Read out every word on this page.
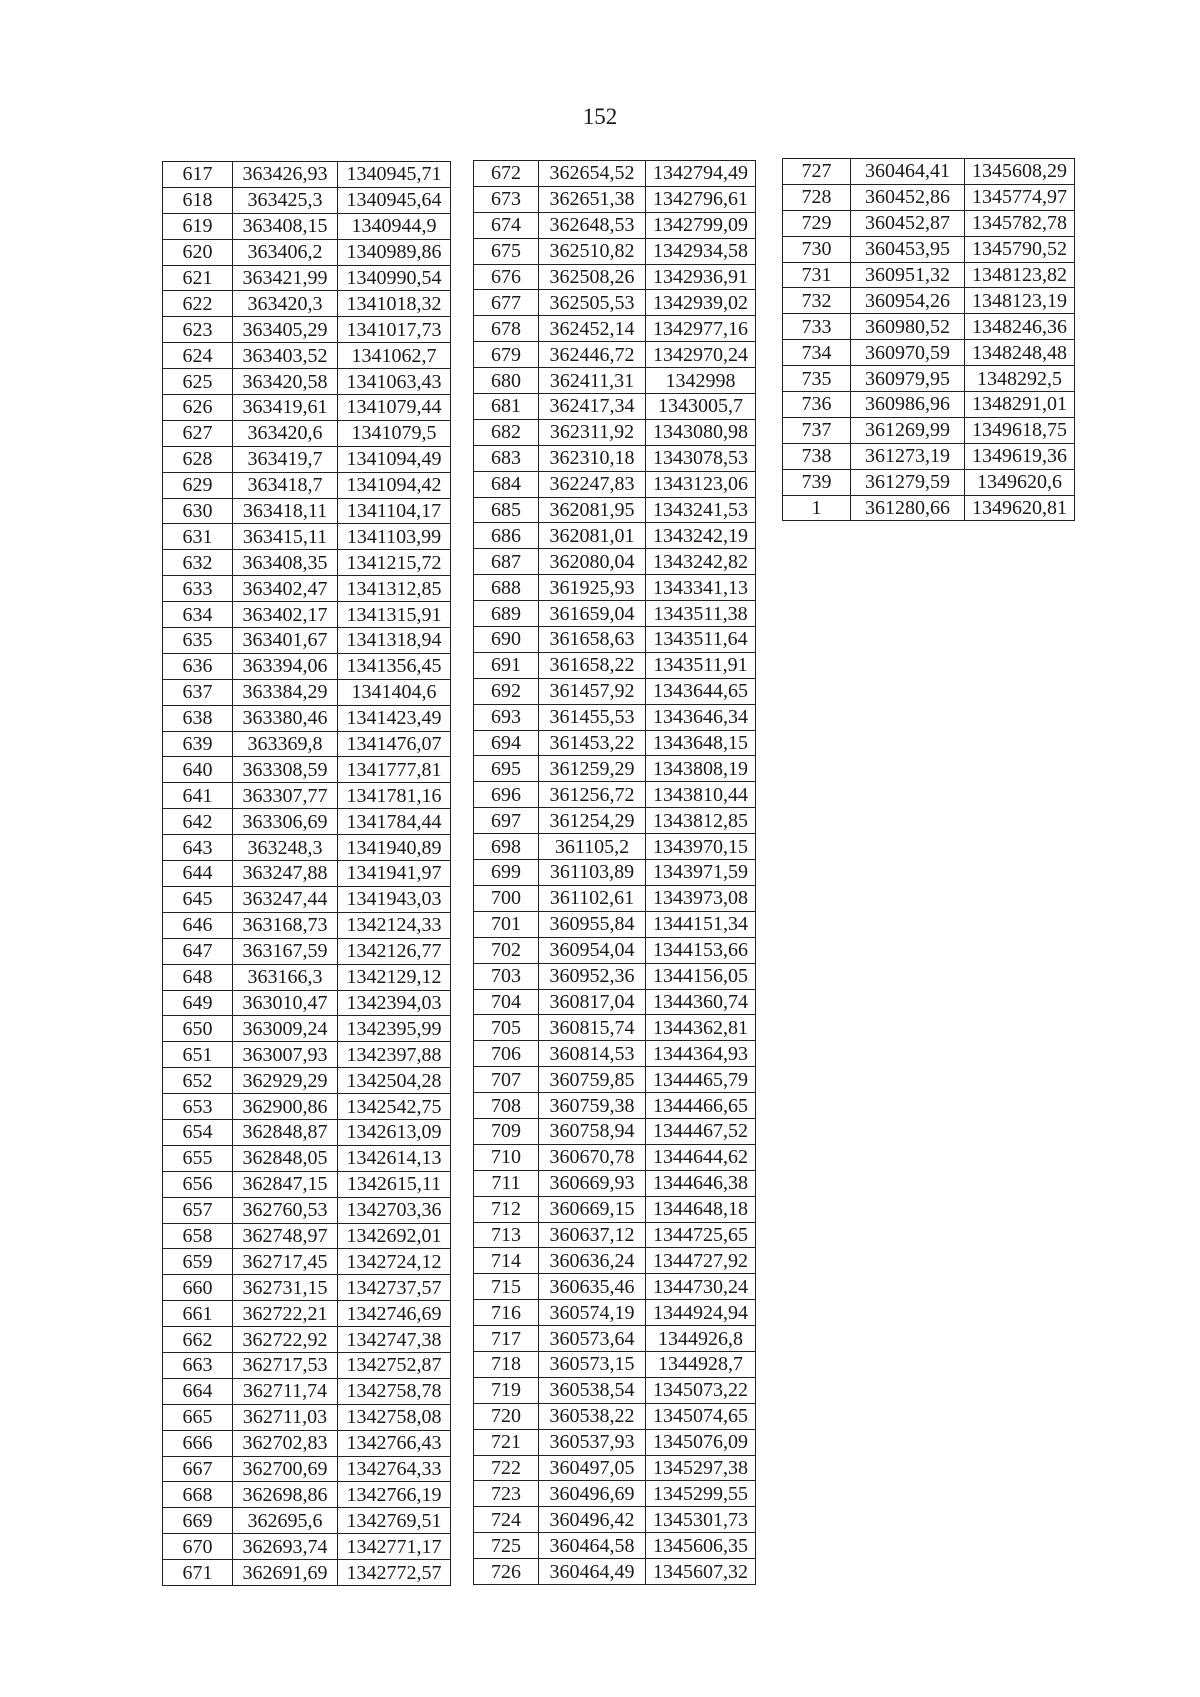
152
617	363426,93	1340945,71
618	363425,3	1340945,64
619	363408,15	1340944,9
620	363406,2	1340989,86
621	363421,99	1340990,54
622	363420,3	1341018,32
623	363405,29	1341017,73
624	363403,52	1341062,7
625	363420,58	1341063,43
626	363419,61	1341079,44
627	363420,6	1341079,5
628	363419,7	1341094,49
629	363418,7	1341094,42
630	363418,11	1341104,17
631	363415,11	1341103,99
632	363408,35	1341215,72
633	363402,47	1341312,85
634	363402,17	1341315,91
635	363401,67	1341318,94
636	363394,06	1341356,45
637	363384,29	1341404,6
638	363380,46	1341423,49
639	363369,8	1341476,07
640	363308,59	1341777,81
641	363307,77	1341781,16
642	363306,69	1341784,44
643	363248,3	1341940,89
644	363247,88	1341941,97
645	363247,44	1341943,03
646	363168,73	1342124,33
647	363167,59	1342126,77
648	363166,3	1342129,12
649	363010,47	1342394,03
650	363009,24	1342395,99
651	363007,93	1342397,88
652	362929,29	1342504,28
653	362900,86	1342542,75
654	362848,87	1342613,09
655	362848,05	1342614,13
656	362847,15	1342615,11
657	362760,53	1342703,36
658	362748,97	1342692,01
659	362717,45	1342724,12
660	362731,15	1342737,57
661	362722,21	1342746,69
662	362722,92	1342747,38
663	362717,53	1342752,87
664	362711,74	1342758,78
665	362711,03	1342758,08
666	362702,83	1342766,43
667	362700,69	1342764,33
668	362698,86	1342766,19
669	362695,6	1342769,51
670	362693,74	1342771,17
671	362691,69	1342772,57
672	362654,52	1342794,49
673	362651,38	1342796,61
674	362648,53	1342799,09
675	362510,82	1342934,58
676	362508,26	1342936,91
677	362505,53	1342939,02
678	362452,14	1342977,16
679	362446,72	1342970,24
680	362411,31	1342998
681	362417,34	1343005,7
682	362311,92	1343080,98
683	362310,18	1343078,53
684	362247,83	1343123,06
685	362081,95	1343241,53
686	362081,01	1343242,19
687	362080,04	1343242,82
688	361925,93	1343341,13
689	361659,04	1343511,38
690	361658,63	1343511,64
691	361658,22	1343511,91
692	361457,92	1343644,65
693	361455,53	1343646,34
694	361453,22	1343648,15
695	361259,29	1343808,19
696	361256,72	1343810,44
697	361254,29	1343812,85
698	361105,2	1343970,15
699	361103,89	1343971,59
700	361102,61	1343973,08
701	360955,84	1344151,34
702	360954,04	1344153,66
703	360952,36	1344156,05
704	360817,04	1344360,74
705	360815,74	1344362,81
706	360814,53	1344364,93
707	360759,85	1344465,79
708	360759,38	1344466,65
709	360758,94	1344467,52
710	360670,78	1344644,62
711	360669,93	1344646,38
712	360669,15	1344648,18
713	360637,12	1344725,65
714	360636,24	1344727,92
715	360635,46	1344730,24
716	360574,19	1344924,94
717	360573,64	1344926,8
718	360573,15	1344928,7
719	360538,54	1345073,22
720	360538,22	1345074,65
721	360537,93	1345076,09
722	360497,05	1345297,38
723	360496,69	1345299,55
724	360496,42	1345301,73
725	360464,58	1345606,35
726	360464,49	1345607,32
727	360464,41	1345608,29
728	360452,86	1345774,97
729	360452,87	1345782,78
730	360453,95	1345790,52
731	360951,32	1348123,82
732	360954,26	1348123,19
733	360980,52	1348246,36
734	360970,59	1348248,48
735	360979,95	1348292,5
736	360986,96	1348291,01
737	361269,99	1349618,75
738	361273,19	1349619,36
739	361279,59	1349620,6
1	361280,66	1349620,81
